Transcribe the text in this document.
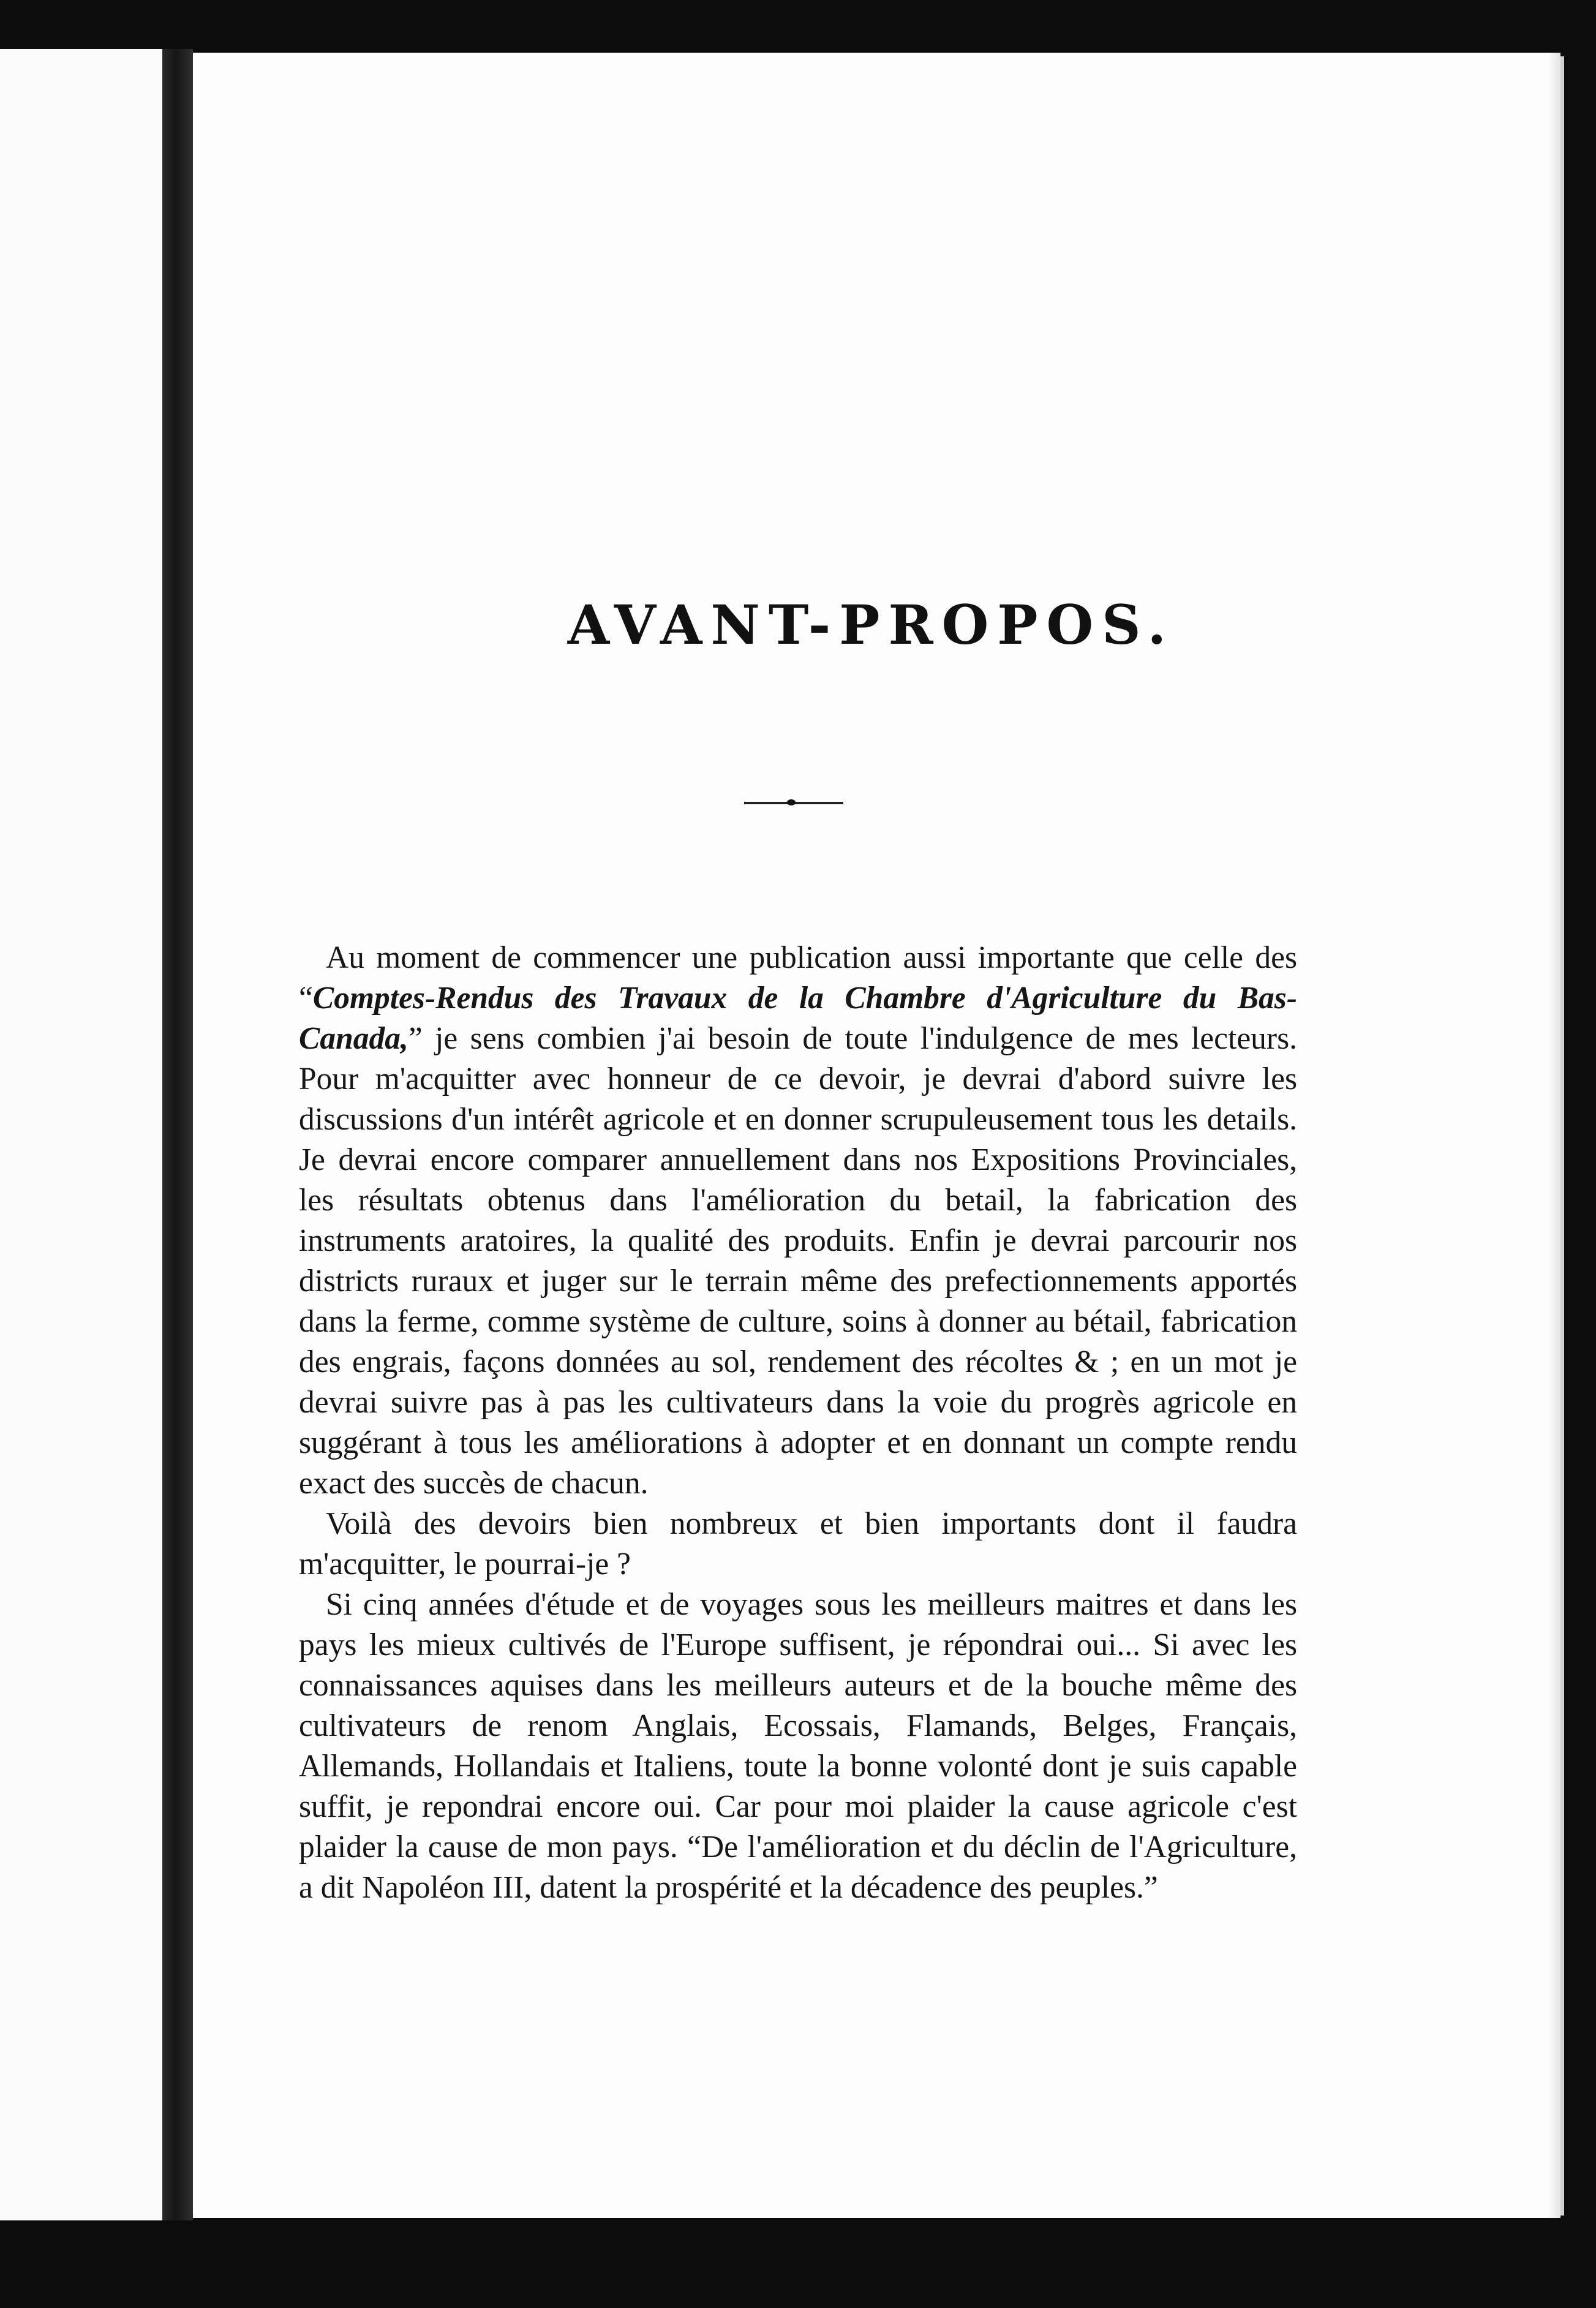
AVANT-PROPOS.

Au moment de commencer une publication aussi importante que celle des “Comptes-Rendus des Travaux de la Chambre d'Agriculture du Bas-Canada,” je sens combien j'ai besoin de toute l'indulgence de mes lecteurs. Pour m'acquitter avec honneur de ce devoir, je devrai d'abord suivre les discussions d'un intérêt agricole et en donner scrupuleusement tous les details. Je devrai encore comparer annuellement dans nos Expositions Provinciales, les résultats obtenus dans l'amélioration du betail, la fabrication des instruments aratoires, la qualité des produits. Enfin je devrai parcourir nos districts ruraux et juger sur le terrain même des prefectionnements apportés dans la ferme, comme système de culture, soins à donner au bétail, fabrication des engrais, façons données au sol, rendement des récoltes & ; en un mot je devrai suivre pas à pas les cultivateurs dans la voie du progrès agricole en suggérant à tous les améliorations à adopter et en donnant un compte rendu exact des succès de chacun.

Voilà des devoirs bien nombreux et bien importants dont il faudra m'acquitter, le pourrai-je ?

Si cinq années d'étude et de voyages sous les meilleurs maitres et dans les pays les mieux cultivés de l'Europe suffisent, je répondrai oui... Si avec les connaissances aquises dans les meilleurs auteurs et de la bouche même des cultivateurs de renom Anglais, Ecossais, Flamands, Belges, Français, Allemands, Hollandais et Italiens, toute la bonne volonté dont je suis capable suffit, je repondrai encore oui. Car pour moi plaider la cause agricole c'est plaider la cause de mon pays. “De l'amélioration et du déclin de l'Agriculture, a dit Napoléon III, datent la prospérité et la décadence des peuples.”
